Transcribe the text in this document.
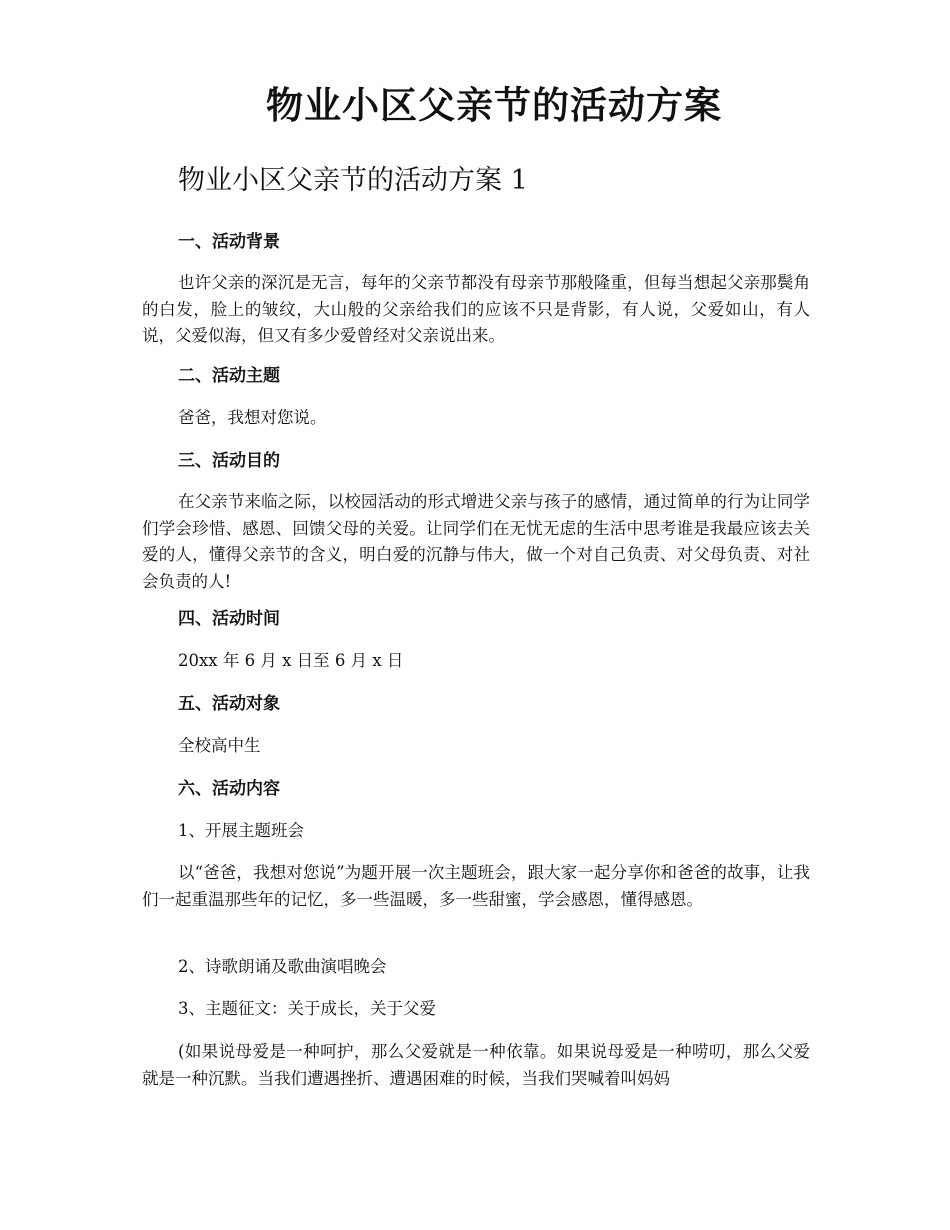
物业小区父亲节的活动方案
物业小区父亲节的活动方案 1
一、活动背景

也许父亲的深沉是无言，每年的父亲节都没有母亲节那般隆重，但每当想起父亲那鬓角的白发，脸上的皱纹，大山般的父亲给我们的应该不只是背影，有人说，父爱如山，有人说，父爱似海，但又有多少爱曾经对父亲说出来。

二、活动主题
爸爸，我想对您说。
三、活动目的

在父亲节来临之际，以校园活动的形式增进父亲与孩子的感情，通过简单的行为让同学们学会珍惜、感恩、回馈父母的关爱。让同学们在无忧无虑的生活中思考谁是我最应该去关爱的人，懂得父亲节的含义，明白爱的沉静与伟大，做一个对自己负责、对父母负责、对社会负责的人!

四、活动时间
20xx 年 6 月 x 日至 6 月 x 日
五、活动对象
全校高中生
六、活动内容
1、开展主题班会

以“爸爸，我想对您说”为题开展一次主题班会，跟大家一起分享你和爸爸的故事，让我们一起重温那些年的记忆，多一些温暖，多一些甜蜜，学会感恩，懂得感恩。

2、诗歌朗诵及歌曲演唱晚会
3、主题征文：关于成长，关于父爱

(如果说母爱是一种呵护，那么父爱就是一种依靠。如果说母爱是一种唠叨，那么父爱就是一种沉默。当我们遭遇挫折、遭遇困难的时候，当我们哭喊着叫妈妈
